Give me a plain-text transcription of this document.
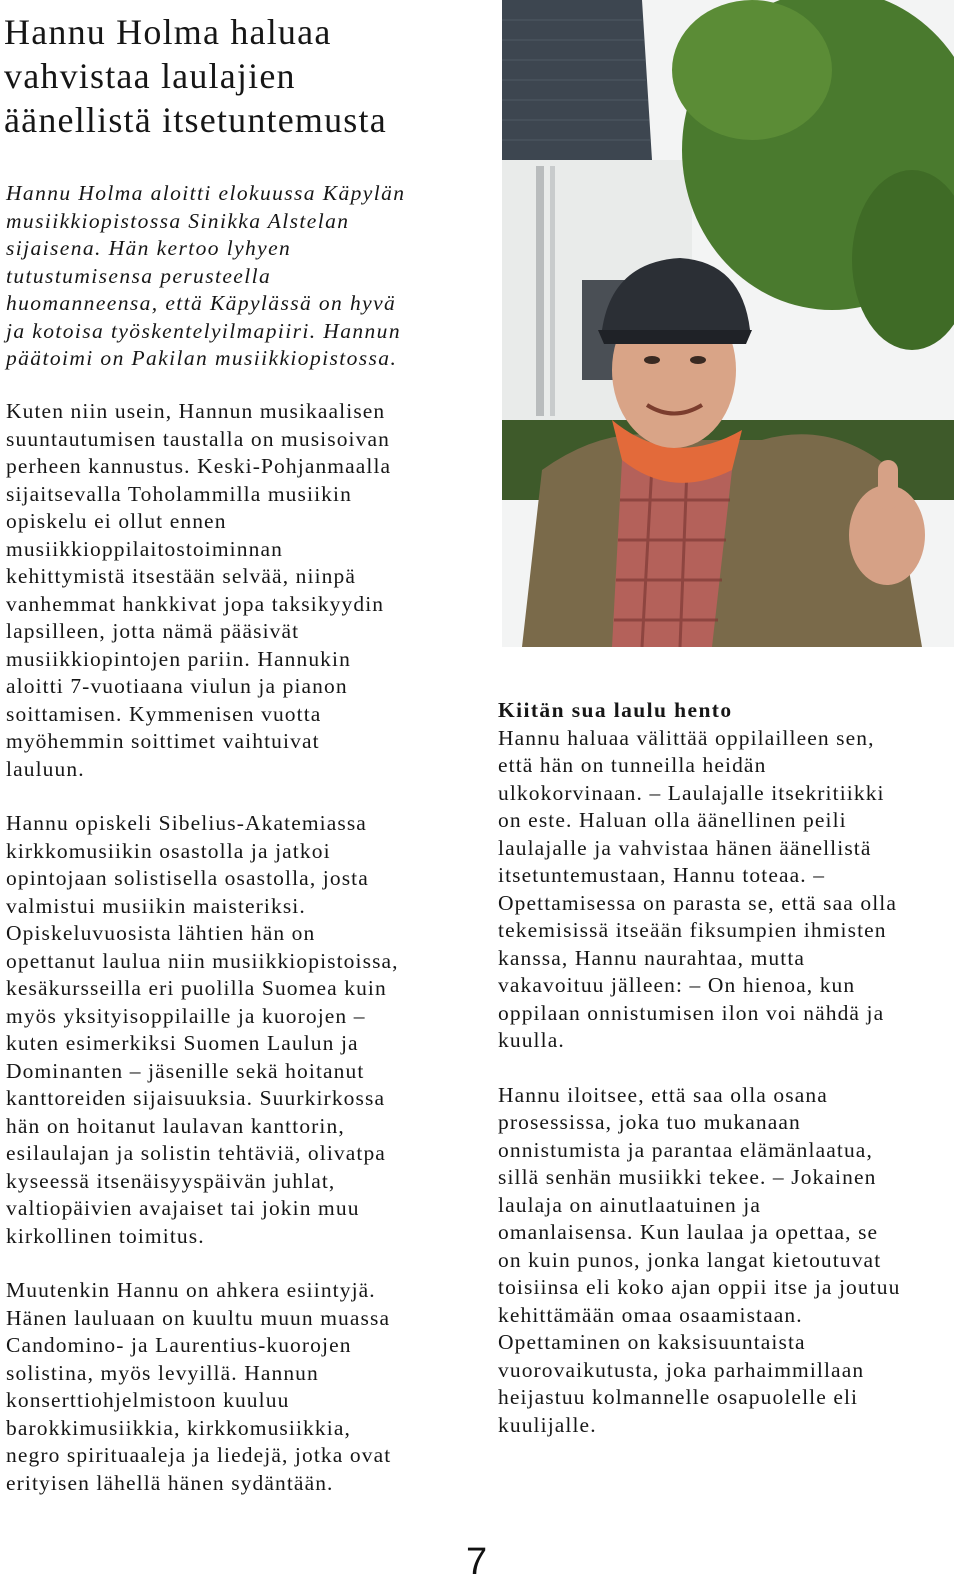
Hannu Holma haluaa
vahvistaa laulajien
äänellistä itsetuntemusta
Hannu Holma aloitti elokuussa Käpylän
musiikkiopistossa Sinikka Alstelan
sijaisena. Hän kertoo lyhyen
tutustumisensa perusteella
huomanneensa, että Käpylässä on hyvä
ja kotoisa työskentelyilmapiiri. Hannun
päätoimi on Pakilan musiikkiopistossa.
Kuten niin usein, Hannun musikaalisen
suuntautumisen taustalla on musisoivan
perheen kannustus. Keski-Pohjanmaalla
sijaitsevalla Toholammilla musiikin
opiskelu ei ollut ennen
musiikkioppilaitostoiminnan
kehittymistä itsestään selvää, niinpä
vanhemmat hankkivat jopa taksikyydin
lapsilleen, jotta nämä pääsivät
musiikkiopintojen pariin. Hannukin
aloitti 7-vuotiaana viulun ja pianon
soittamisen. Kymmenisen vuotta
myöhemmin soittimet vaihtuivat
lauluun.
Hannu opiskeli Sibelius-Akatemiassa
kirkkomusiikin osastolla ja jatkoi
opintojaan solistisella osastolla, josta
valmistui musiikin maisteriksi.
Opiskeluvuosista lähtien hän on
opettanut laulua niin musiikkiopistoissa,
kesäkursseilla eri puolilla Suomea kuin
myös yksityisoppilaille ja kuorojen –
kuten esimerkiksi Suomen Laulun ja
Dominanten – jäsenille sekä hoitanut
kanttoreiden sijaisuuksia. Suurkirkossa
hän on hoitanut laulavan kanttorin,
esilaulajan ja solistin tehtäviä, olivatpa
kyseessä itsenäisyyspäivän juhlat,
valtiopäivien avajaiset tai jokin muu
kirkollinen toimitus.
Muutenkin Hannu on ahkera esiintyjä.
Hänen lauluaan on kuultu muun muassa
Candomino- ja Laurentius-kuorojen
solistina, myös levyillä. Hannun
konserttiohjelmistoon kuuluu
barokkimusiikkia, kirkkomusiikkia,
negro spirituaaleja ja liedejä, jotka ovat
erityisen lähellä hänen sydäntään.
Kiitän sua laulu hento
Hannu haluaa välittää oppilailleen sen,
että hän on tunneilla heidän
ulkokorvinaan. – Laulajalle itsekritiikki
on este. Haluan olla äänellinen peili
laulajalle ja vahvistaa hänen äänellistä
itsetuntemustaan, Hannu toteaa. –
Opettamisessa on parasta se, että saa olla
tekemisissä itseään fiksumpien ihmisten
kanssa, Hannu naurahtaa, mutta
vakavoituu jälleen: – On hienoa, kun
oppilaan onnistumisen ilon voi nähdä ja
kuulla.
Hannu iloitsee, että saa olla osana
prosessissa, joka tuo mukanaan
onnistumista ja parantaa elämänlaatua,
sillä senhän musiikki tekee. – Jokainen
laulaja on ainutlaatuinen ja
omanlaisensa. Kun laulaa ja opettaa, se
on kuin punos, jonka langat kietoutuvat
toisiinsa eli koko ajan oppii itse ja joutuu
kehittämään omaa osaamistaan.
Opettaminen on kaksisuuntaista
vuorovaikutusta, joka parhaimmillaan
heijastuu kolmannelle osapuolelle eli
kuulijalle.
7
